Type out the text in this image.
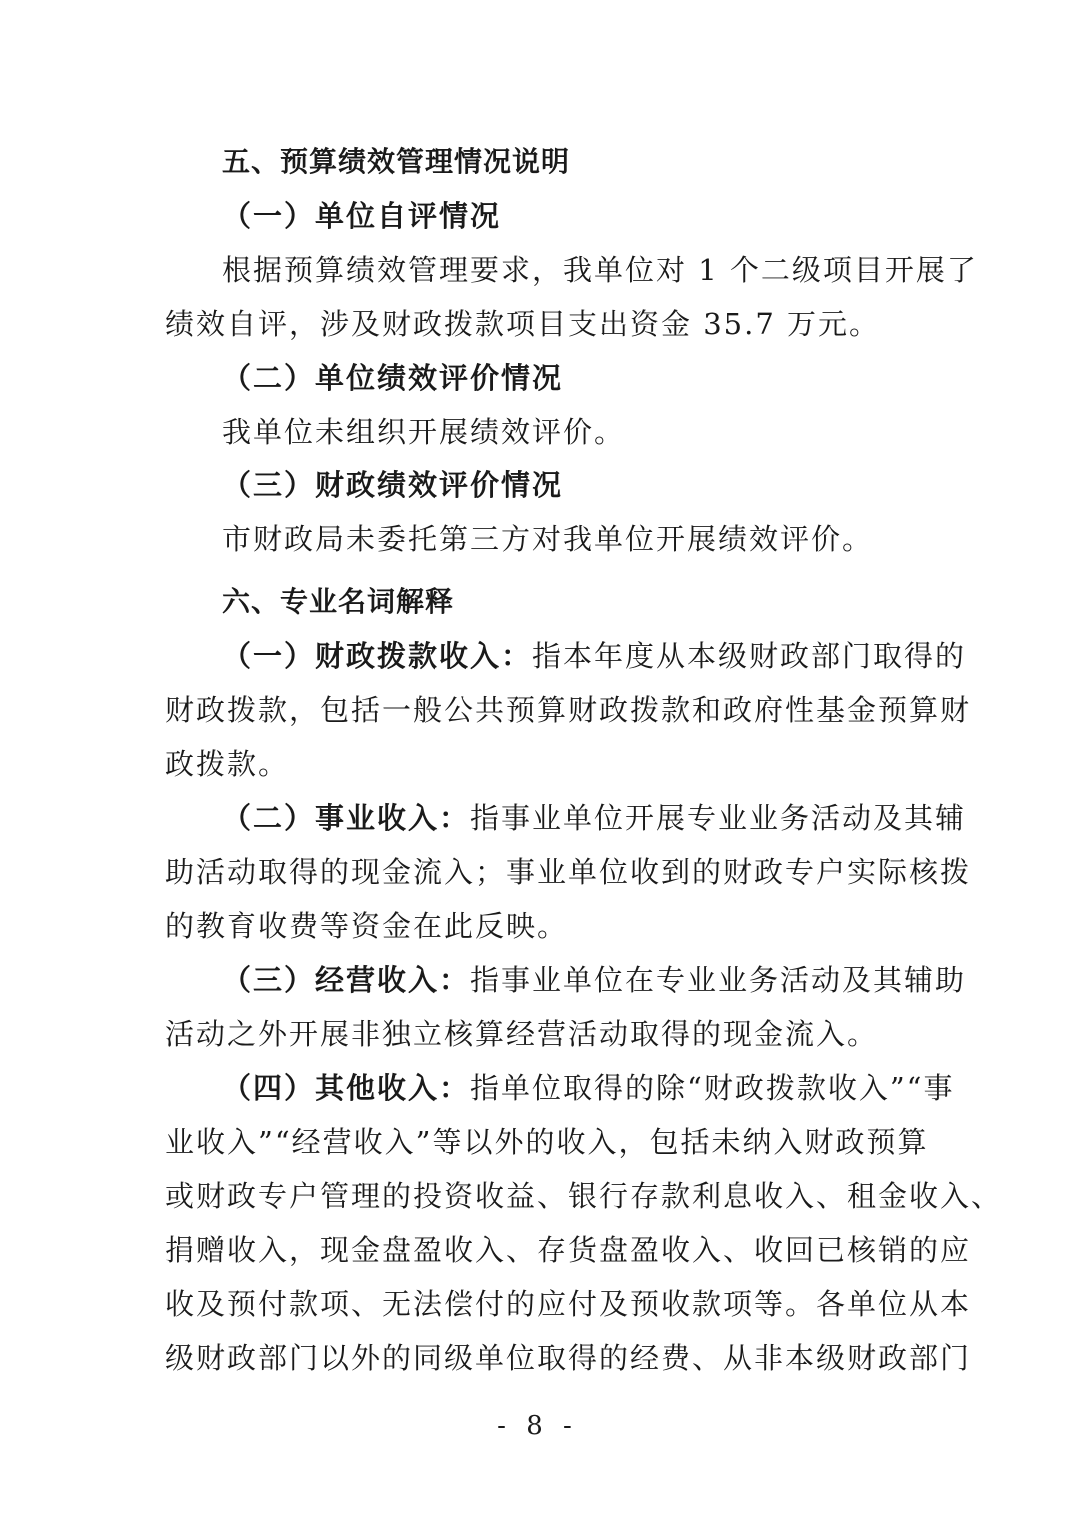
五、预算绩效管理情况说明
（一）单位自评情况
根据预算绩效管理要求，我单位对 1 个二级项目开展了
绩效自评，涉及财政拨款项目支出资金 35.7 万元。
（二）单位绩效评价情况
我单位未组织开展绩效评价。
（三）财政绩效评价情况
市财政局未委托第三方对我单位开展绩效评价。
六、专业名词解释
（一）财政拨款收入：指本年度从本级财政部门取得的
财政拨款，包括一般公共预算财政拨款和政府性基金预算财
政拨款。
（二）事业收入：指事业单位开展专业业务活动及其辅
助活动取得的现金流入；事业单位收到的财政专户实际核拨
的教育收费等资金在此反映。
（三）经营收入：指事业单位在专业业务活动及其辅助
活动之外开展非独立核算经营活动取得的现金流入。
（四）其他收入：指单位取得的除“财政拨款收入”“事
业收入”“经营收入”等以外的收入，包括未纳入财政预算
或财政专户管理的投资收益、银行存款利息收入、租金收入、
捐赠收入，现金盘盈收入、存货盘盈收入、收回已核销的应
收及预付款项、无法偿付的应付及预收款项等。各单位从本
级财政部门以外的同级单位取得的经费、从非本级财政部门
- 8 -
